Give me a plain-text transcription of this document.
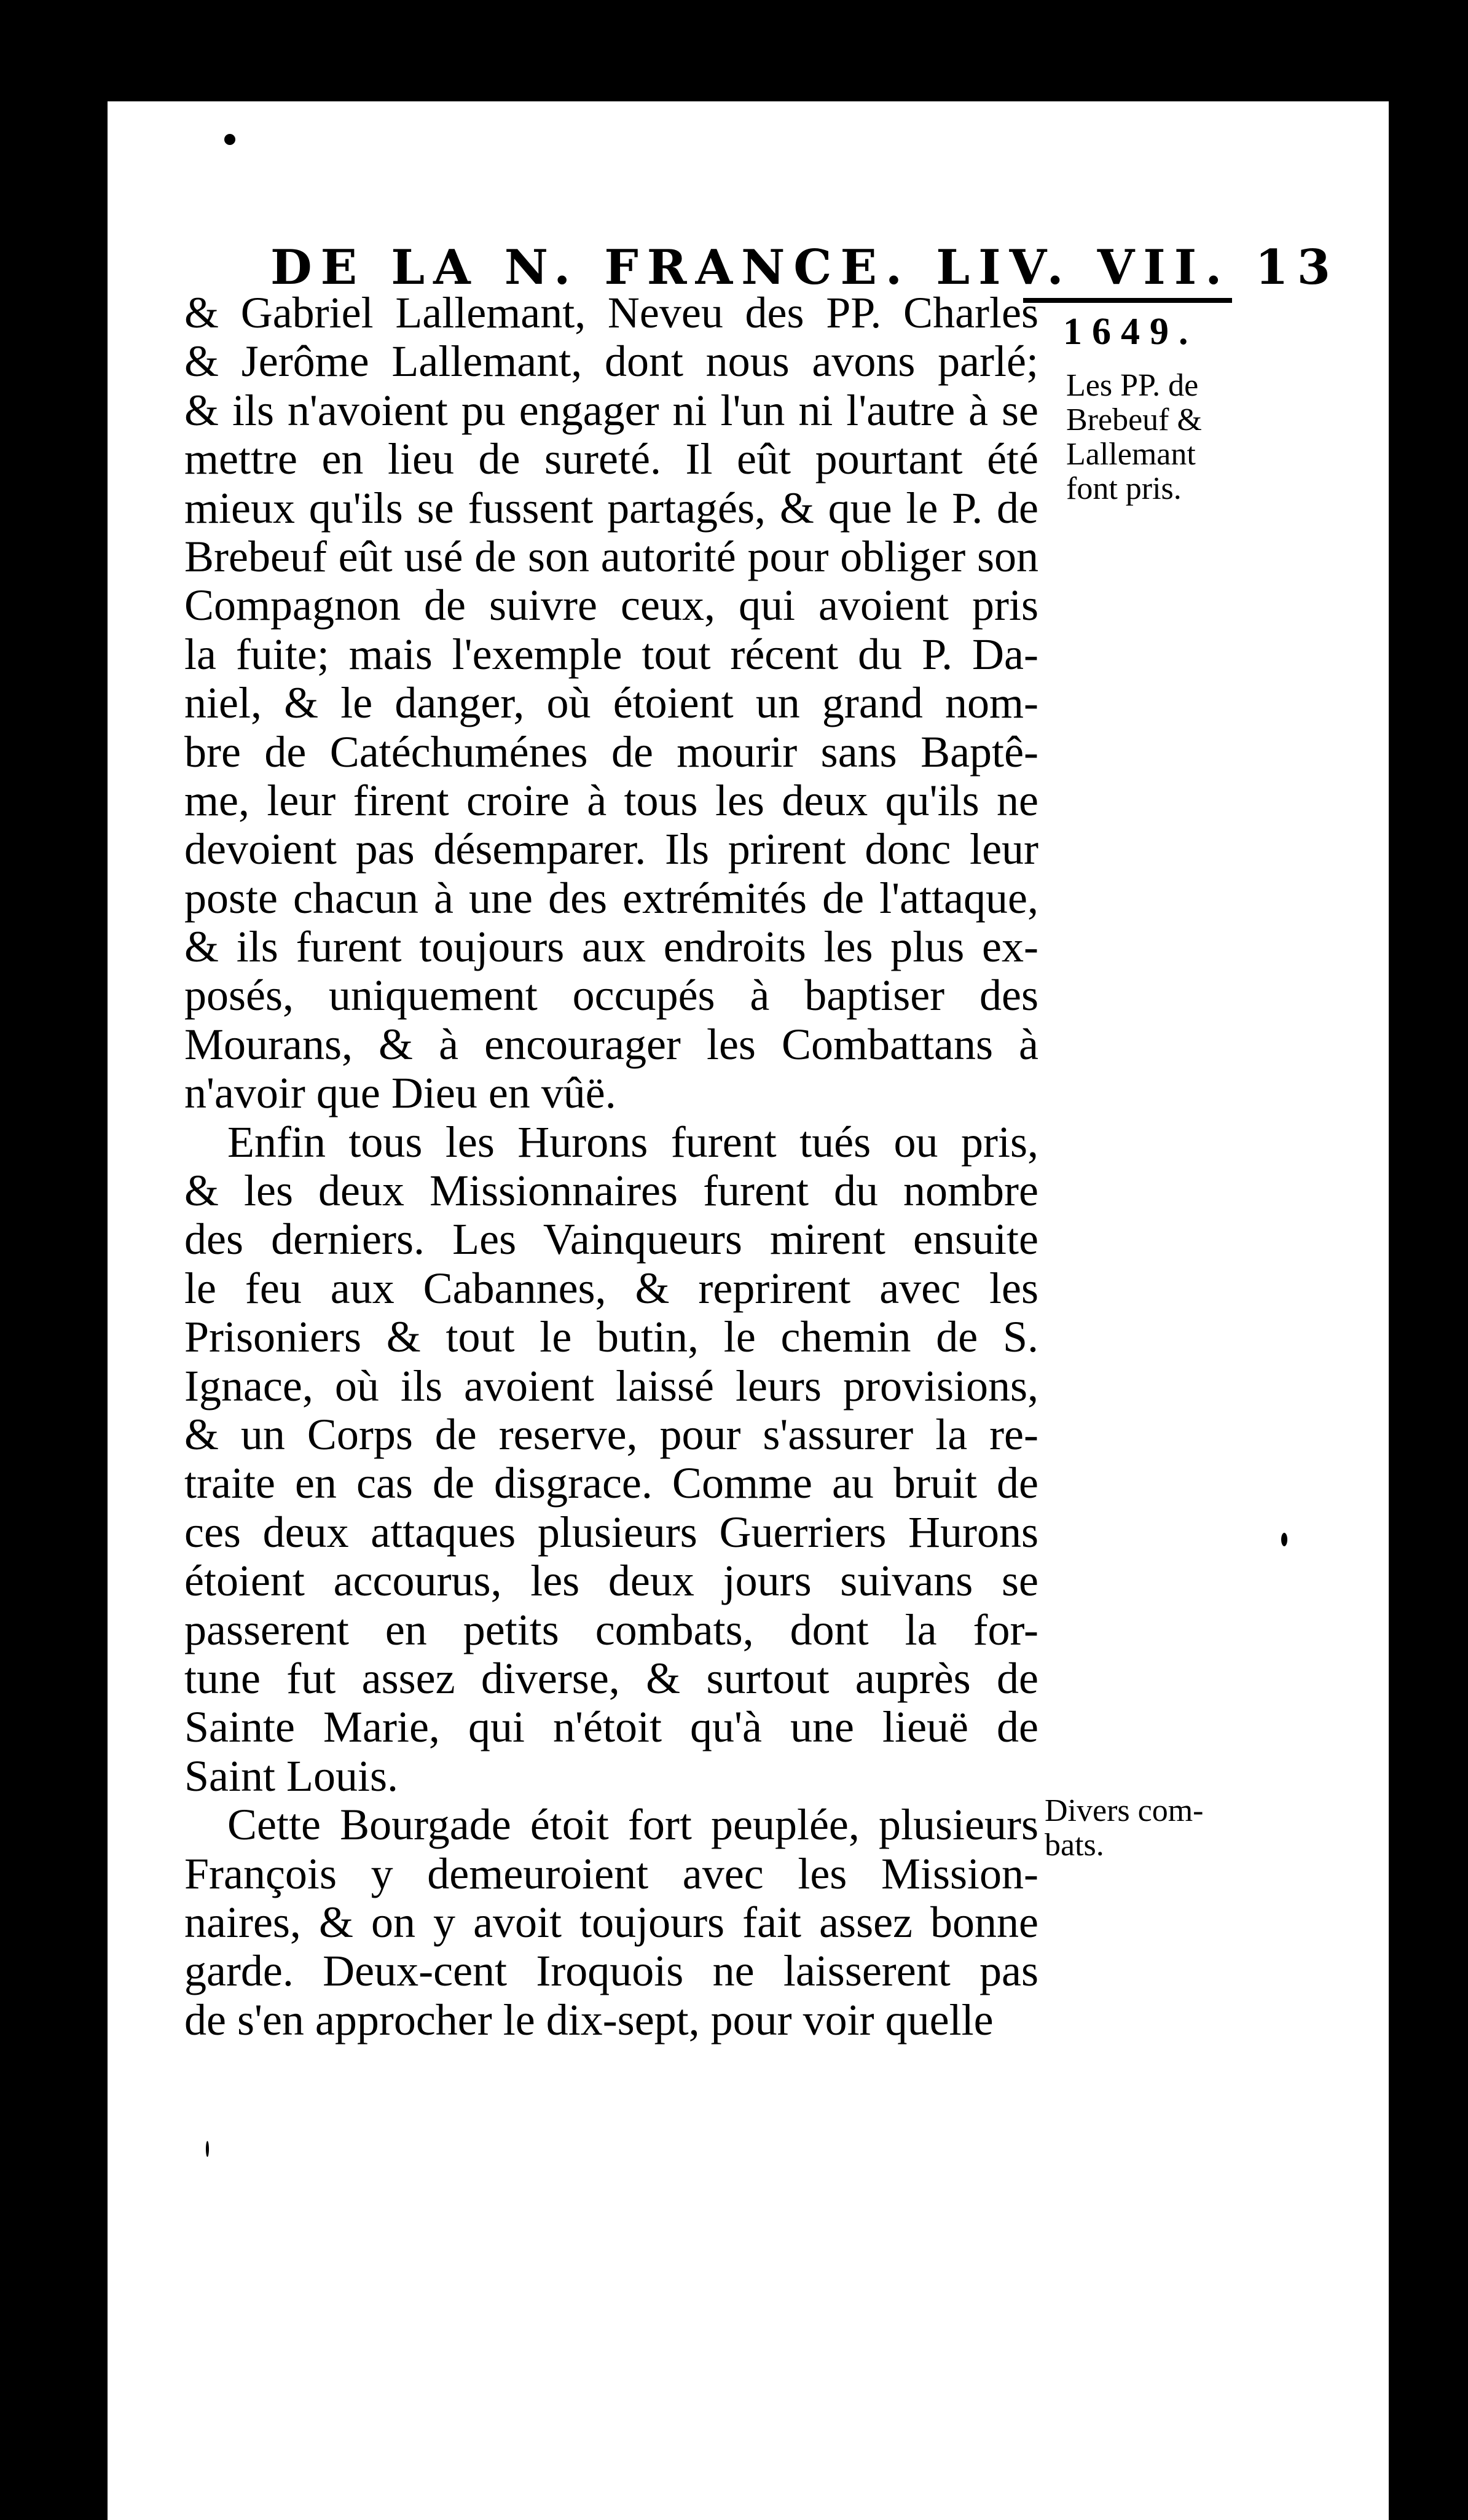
DE LA N. FRANCE. LIV. VII. 13
1649.
Les PP. de
Brebeuf &
Lallemant
font pris.
Divers com-
bats.
& Gabriel Lallemant, Neveu des PP. Charles
& Jerôme Lallemant, dont nous avons parlé;
& ils n'avoient pu engager ni l'un ni l'autre à se
mettre en lieu de sureté. Il eût pourtant été
mieux qu'ils se fussent partagés, & que le P. de
Brebeuf eût usé de son autorité pour obliger son
Compagnon de suivre ceux, qui avoient pris
la fuite; mais l'exemple tout récent du P. Da-
niel, & le danger, où étoient un grand nom-
bre de Catéchuménes de mourir sans Baptê-
me, leur firent croire à tous les deux qu'ils ne
devoient pas désemparer. Ils prirent donc leur
poste chacun à une des extrémités de l'attaque,
& ils furent toujours aux endroits les plus ex-
posés, uniquement occupés à baptiser des
Mourans, & à encourager les Combattans à
n'avoir que Dieu en vûë.
Enfin tous les Hurons furent tués ou pris,
& les deux Missionnaires furent du nombre
des derniers. Les Vainqueurs mirent ensuite
le feu aux Cabannes, & reprirent avec les
Prisoniers & tout le butin, le chemin de S.
Ignace, où ils avoient laissé leurs provisions,
& un Corps de reserve, pour s'assurer la re-
traite en cas de disgrace. Comme au bruit de
ces deux attaques plusieurs Guerriers Hurons
étoient accourus, les deux jours suivans se
passerent en petits combats, dont la for-
tune fut assez diverse, & surtout auprès de
Sainte Marie, qui n'étoit qu'à une lieuë de
Saint Louis.
Cette Bourgade étoit fort peuplée, plusieurs
François y demeuroient avec les Mission-
naires, & on y avoit toujours fait assez bonne
garde. Deux-cent Iroquois ne laisserent pas
de s'en approcher le dix-sept, pour voir quelle
